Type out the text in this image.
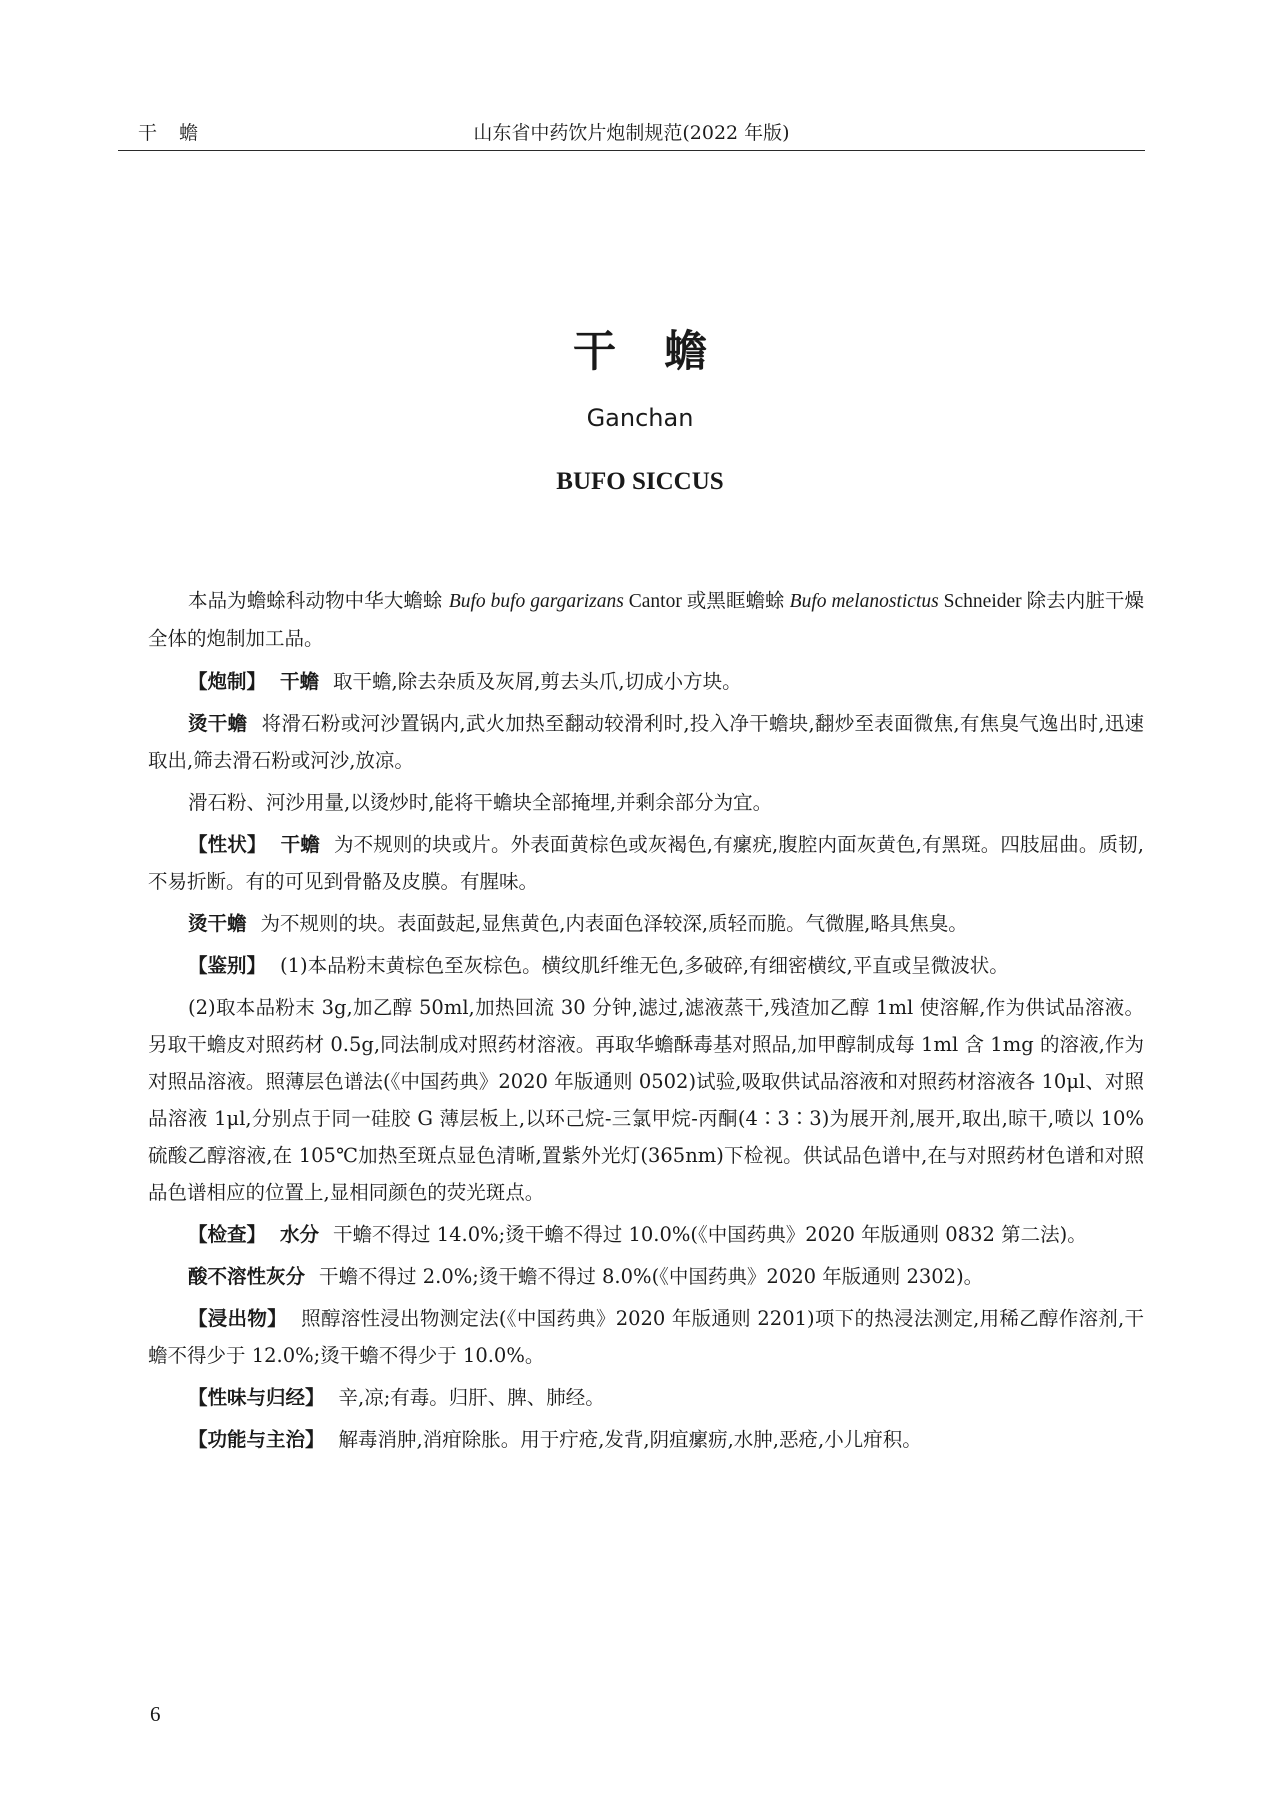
干蟾	山东省中药饮片炮制规范(2022 年版)
干蟾
Ganchan
BUFO SICCUS

本品为蟾蜍科动物中华大蟾蜍 Bufo bufo gargarizans Cantor 或黑眶蟾蜍 Bufo melanostictus Schneider 除去内脏干燥全体的炮制加工品。

【炮制】 干蟾 取干蟾,除去杂质及灰屑,剪去头爪,切成小方块。

烫干蟾 将滑石粉或河沙置锅内,武火加热至翻动较滑利时,投入净干蟾块,翻炒至表面微焦,有焦臭气逸出时,迅速取出,筛去滑石粉或河沙,放凉。

滑石粉、河沙用量,以烫炒时,能将干蟾块全部掩埋,并剩余部分为宜。

【性状】 干蟾 为不规则的块或片。外表面黄棕色或灰褐色,有瘰疣,腹腔内面灰黄色,有黑斑。四肢屈曲。质韧,不易折断。有的可见到骨骼及皮膜。有腥味。

烫干蟾 为不规则的块。表面鼓起,显焦黄色,内表面色泽较深,质轻而脆。气微腥,略具焦臭。

【鉴别】 (1)本品粉末黄棕色至灰棕色。横纹肌纤维无色,多破碎,有细密横纹,平直或呈微波状。

(2)取本品粉末 3g,加乙醇 50ml,加热回流 30 分钟,滤过,滤液蒸干,残渣加乙醇 1ml 使溶解,作为供试品溶液。另取干蟾皮对照药材 0.5g,同法制成对照药材溶液。再取华蟾酥毒基对照品,加甲醇制成每 1ml 含 1mg 的溶液,作为对照品溶液。照薄层色谱法(《中国药典》2020 年版通则 0502)试验,吸取供试品溶液和对照药材溶液各 10μl、对照品溶液 1μl,分别点于同一硅胶 G 薄层板上,以环己烷-三氯甲烷-丙酮(4∶3∶3)为展开剂,展开,取出,晾干,喷以 10%硫酸乙醇溶液,在 105℃加热至斑点显色清晰,置紫外光灯(365nm)下检视。供试品色谱中,在与对照药材色谱和对照品色谱相应的位置上,显相同颜色的荧光斑点。

【检查】 水分 干蟾不得过 14.0%;烫干蟾不得过 10.0%(《中国药典》2020 年版通则 0832 第二法)。

酸不溶性灰分 干蟾不得过 2.0%;烫干蟾不得过 8.0%(《中国药典》2020 年版通则 2302)。

【浸出物】 照醇溶性浸出物测定法(《中国药典》2020 年版通则 2201)项下的热浸法测定,用稀乙醇作溶剂,干蟾不得少于 12.0%;烫干蟾不得少于 10.0%。

【性味与归经】 辛,凉;有毒。归肝、脾、肺经。

【功能与主治】 解毒消肿,消疳除胀。用于疔疮,发背,阴疽瘰疬,水肿,恶疮,小儿疳积。

6
